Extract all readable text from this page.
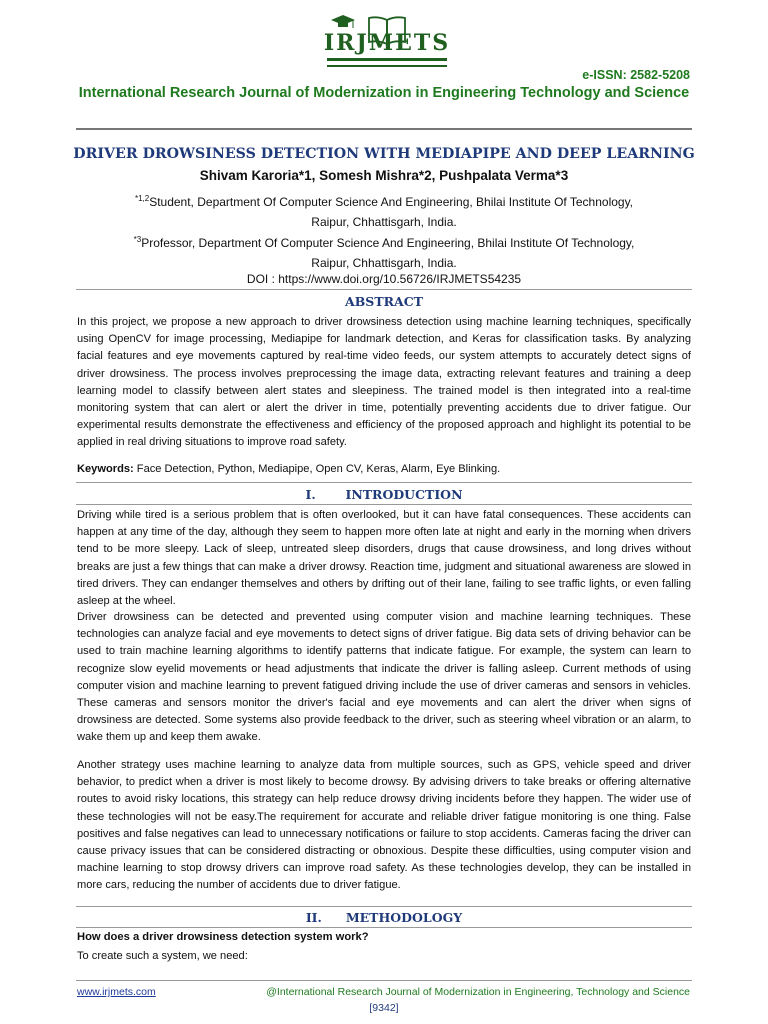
IRJMETS
e-ISSN: 2582-5208
International Research Journal of Modernization in Engineering Technology and Science
DRIVER DROWSINESS DETECTION WITH MEDIAPIPE AND DEEP LEARNING
Shivam Karoria*1, Somesh Mishra*2, Pushpalata Verma*3
$^{*1,2}$Student, Department Of Computer Science And Engineering, Bhilai Institute Of Technology,
Raipur, Chhattisgarh, India.
$^{*3}$Professor, Department Of Computer Science And Engineering, Bhilai Institute Of Technology,
Raipur, Chhattisgarh, India.
DOI : https://www.doi.org/10.56726/IRJMETS54235
ABSTRACT
In this project, we propose a new approach to driver drowsiness detection using machine learning techniques, specifically using OpenCV for image processing, Mediapipe for landmark detection, and Keras for classification tasks. By analyzing facial features and eye movements captured by real-time video feeds, our system attempts to accurately detect signs of driver drowsiness. The process involves preprocessing the image data, extracting relevant features and training a deep learning model to classify between alert states and sleepiness. The trained model is then integrated into a real-time monitoring system that can alert or alert the driver in time, potentially preventing accidents due to driver fatigue. Our experimental results demonstrate the effectiveness and efficiency of the proposed approach and highlight its potential to be applied in real driving situations to improve road safety.
Keywords: Face Detection, Python, Mediapipe, Open CV, Keras, Alarm, Eye Blinking.
I. INTRODUCTION
Driving while tired is a serious problem that is often overlooked, but it can have fatal consequences. These accidents can happen at any time of the day, although they seem to happen more often late at night and early in the morning when drivers tend to be more sleepy. Lack of sleep, untreated sleep disorders, drugs that cause drowsiness, and long drives without breaks are just a few things that can make a driver drowsy. Reaction time, judgment and situational awareness are slowed in tired drivers. They can endanger themselves and others by drifting out of their lane, failing to see traffic lights, or even falling asleep at the wheel.
Driver drowsiness can be detected and prevented using computer vision and machine learning techniques. These technologies can analyze facial and eye movements to detect signs of driver fatigue. Big data sets of driving behavior can be used to train machine learning algorithms to identify patterns that indicate fatigue. For example, the system can learn to recognize slow eyelid movements or head adjustments that indicate the driver is falling asleep. Current methods of using computer vision and machine learning to prevent fatigued driving include the use of driver cameras and sensors in vehicles. These cameras and sensors monitor the driver's facial and eye movements and can alert the driver when signs of drowsiness are detected. Some systems also provide feedback to the driver, such as steering wheel vibration or an alarm, to wake them up and keep them awake.
Another strategy uses machine learning to analyze data from multiple sources, such as GPS, vehicle speed and driver behavior, to predict when a driver is most likely to become drowsy. By advising drivers to take breaks or offering alternative routes to avoid risky locations, this strategy can help reduce drowsy driving incidents before they happen. The wider use of these technologies will not be easy.The requirement for accurate and reliable driver fatigue monitoring is one thing. False positives and false negatives can lead to unnecessary notifications or failure to stop accidents. Cameras facing the driver can cause privacy issues that can be considered distracting or obnoxious. Despite these difficulties, using computer vision and machine learning to stop drowsy drivers can improve road safety. As these technologies develop, they can be installed in more cars, reducing the number of accidents due to driver fatigue.
II. METHODOLOGY
How does a driver drowsiness detection system work?
To create such a system, we need:
www.irjmets.com	@International Research Journal of Modernization in Engineering, Technology and Science
[9342]
